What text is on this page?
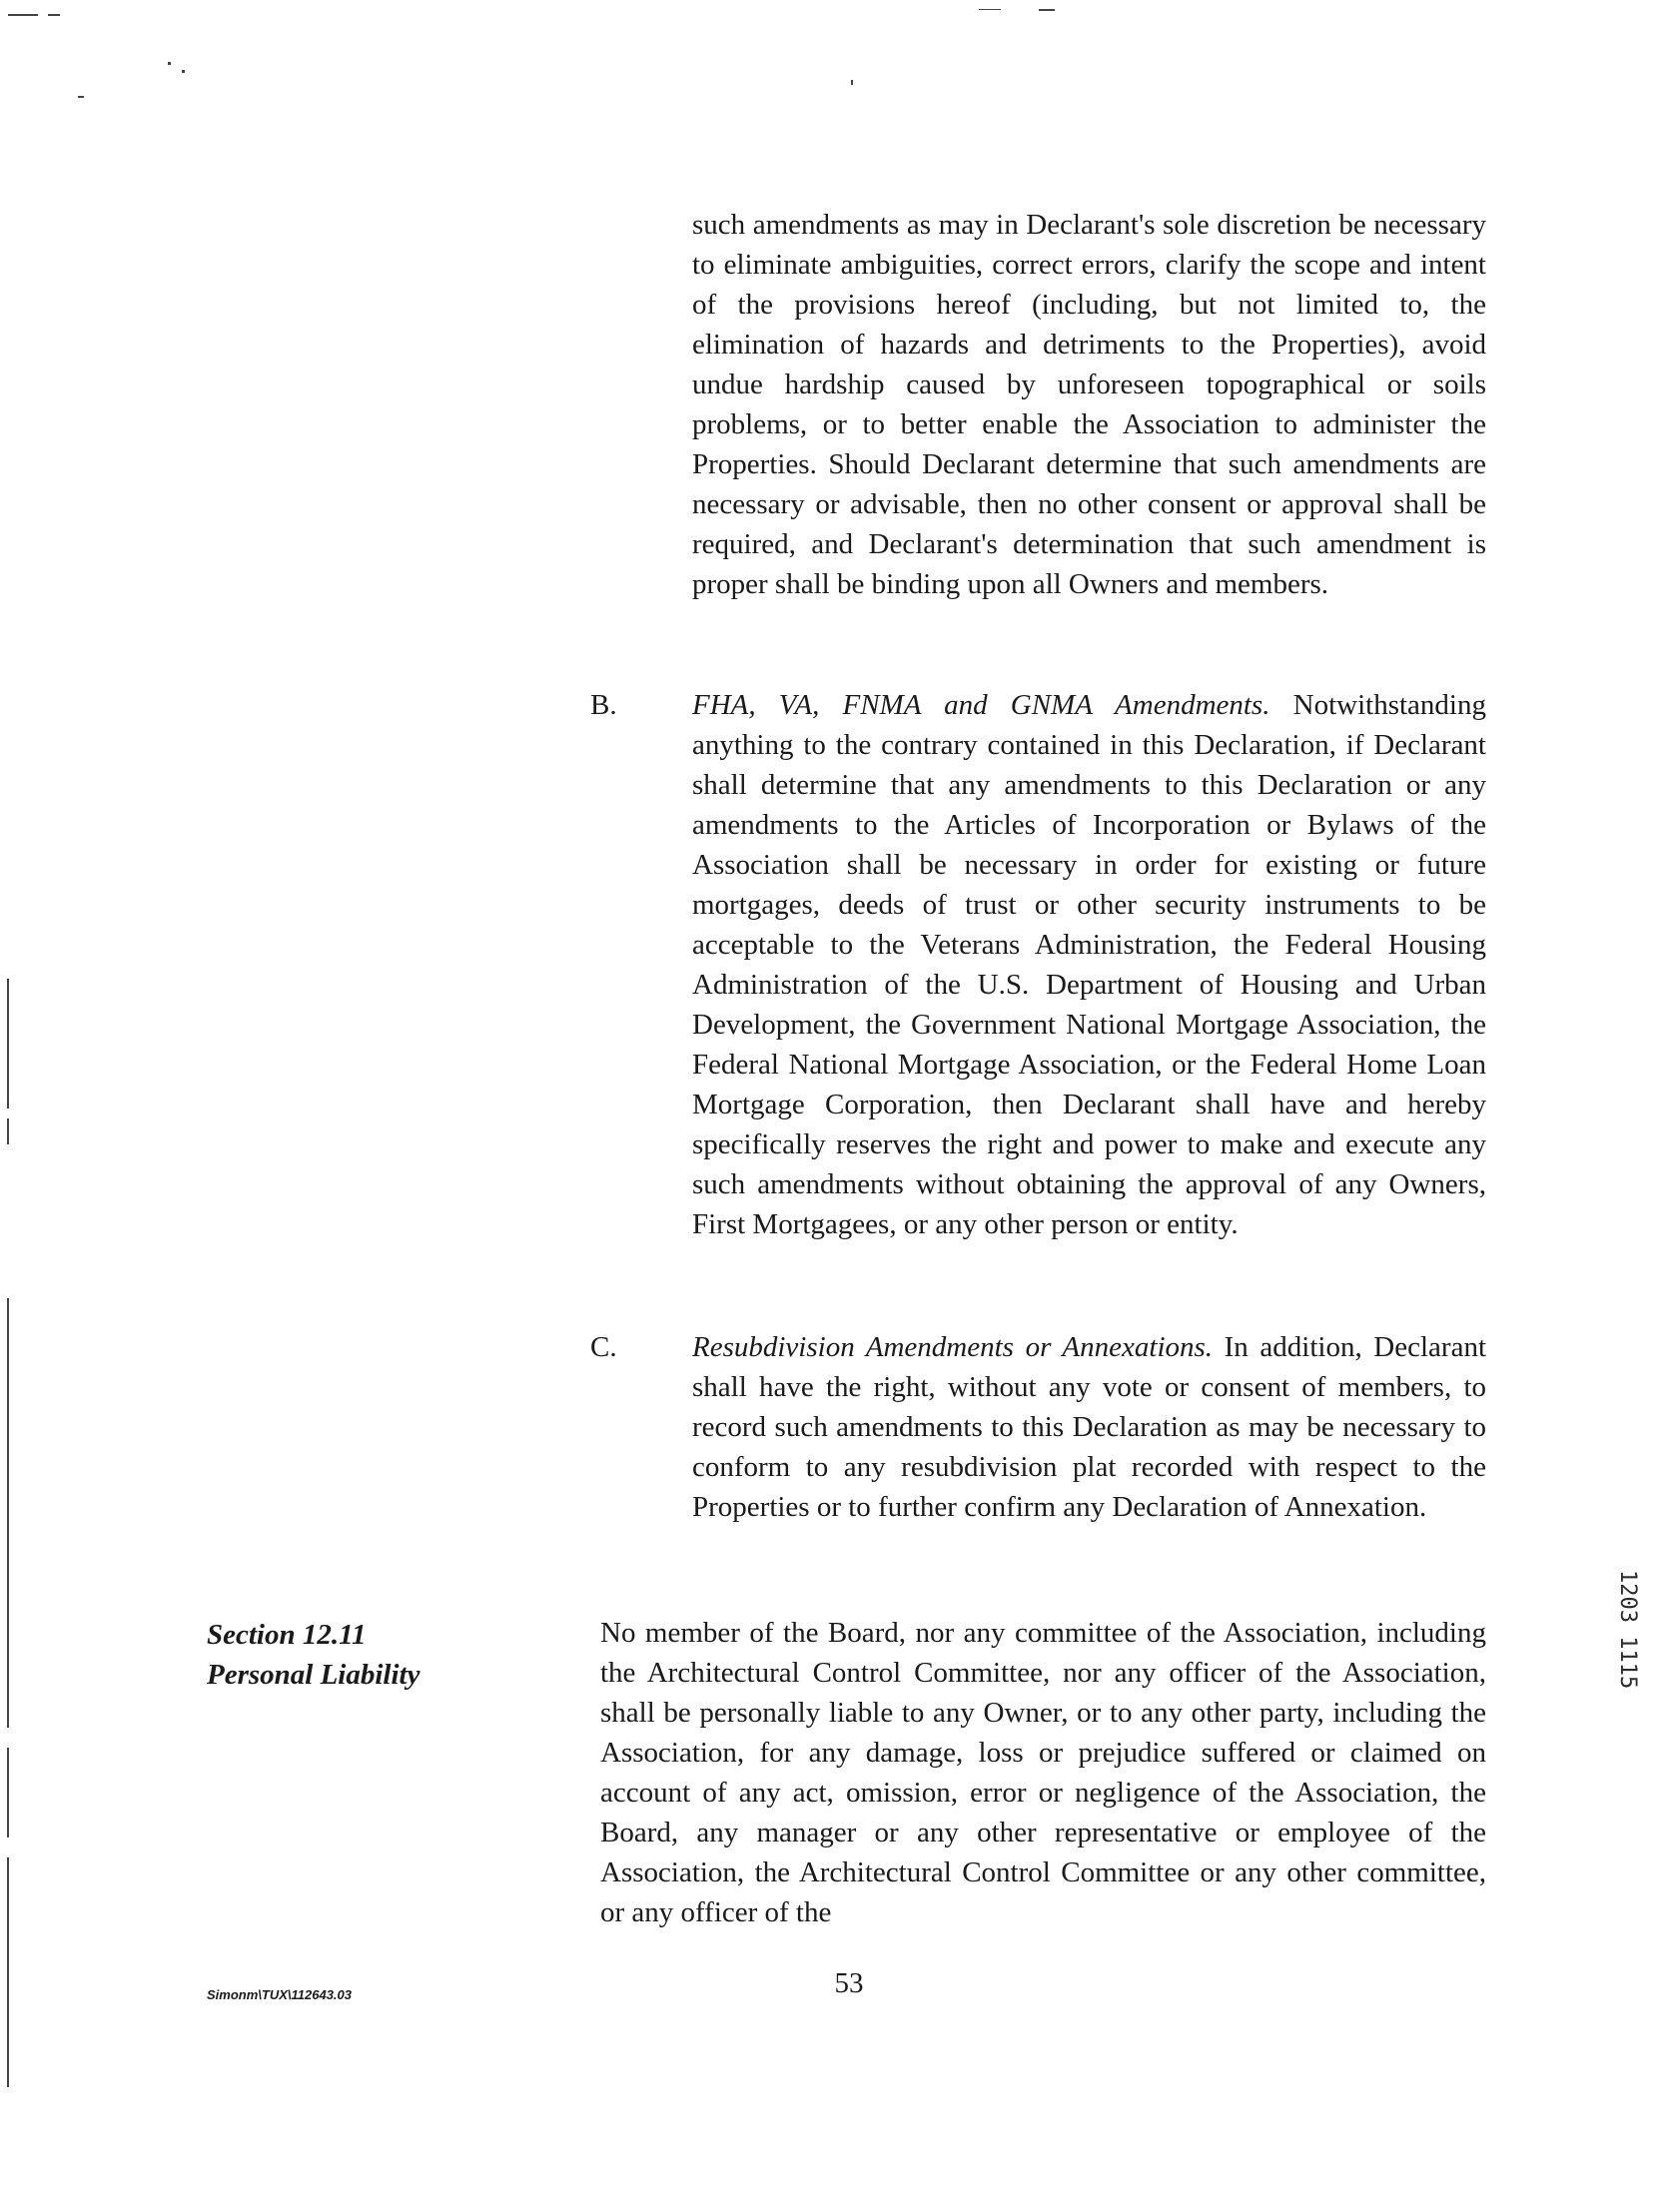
such amendments as may in Declarant's sole discretion be necessary to eliminate ambiguities, correct errors, clarify the scope and intent of the provisions hereof (including, but not limited to, the elimination of hazards and detriments to the Properties), avoid undue hardship caused by unforeseen topographical or soils problems, or to better enable the Association to administer the Properties. Should Declarant determine that such amendments are necessary or advisable, then no other consent or approval shall be required, and Declarant's determination that such amendment is proper shall be binding upon all Owners and members.
B.	FHA, VA, FNMA and GNMA Amendments. Notwithstanding anything to the contrary contained in this Declaration, if Declarant shall determine that any amendments to this Declaration or any amendments to the Articles of Incorporation or Bylaws of the Association shall be necessary in order for existing or future mortgages, deeds of trust or other security instruments to be acceptable to the Veterans Administration, the Federal Housing Administration of the U.S. Department of Housing and Urban Development, the Government National Mortgage Association, the Federal National Mortgage Association, or the Federal Home Loan Mortgage Corporation, then Declarant shall have and hereby specifically reserves the right and power to make and execute any such amendments without obtaining the approval of any Owners, First Mortgagees, or any other person or entity.
C.	Resubdivision Amendments or Annexations. In addition, Declarant shall have the right, without any vote or consent of members, to record such amendments to this Declaration as may be necessary to conform to any resubdivision plat recorded with respect to the Properties or to further confirm any Declaration of Annexation.
Section 12.11
Personal Liability
No member of the Board, nor any committee of the Association, including the Architectural Control Committee, nor any officer of the Association, shall be personally liable to any Owner, or to any other party, including the Association, for any damage, loss or prejudice suffered or claimed on account of any act, omission, error or negligence of the Association, the Board, any manager or any other representative or employee of the Association, the Architectural Control Committee or any other committee, or any officer of the
Simonm\TUX\112643.03	53
1203 1115
